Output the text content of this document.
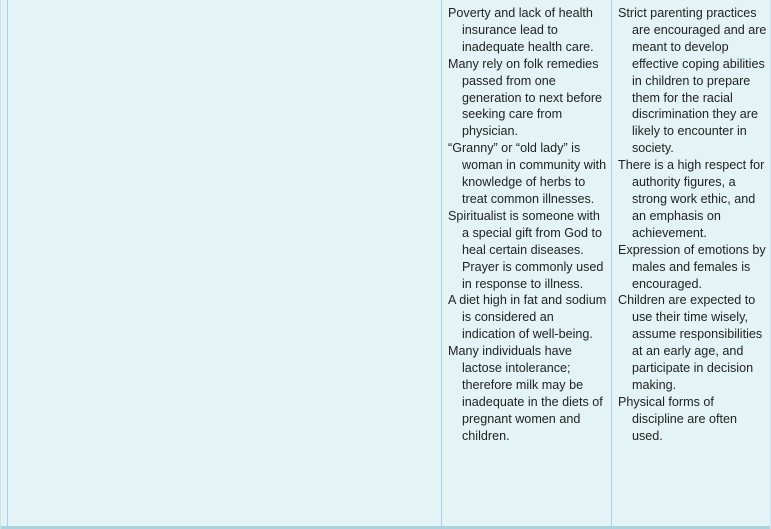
Poverty and lack of health insurance lead to inadequate health care.

Many rely on folk remedies passed from one generation to next before seeking care from physician.

“Granny” or “old lady” is woman in community with knowledge of herbs to treat common illnesses.

Spiritualist is someone with a special gift from God to heal certain diseases. Prayer is commonly used in response to illness.

A diet high in fat and sodium is considered an indication of well-being.

Many individuals have lactose intolerance; therefore milk may be inadequate in the diets of pregnant women and children.

Strict parenting practices are encouraged and are meant to develop effective coping abilities in children to prepare them for the racial discrimination they are likely to encounter in society.

There is a high respect for authority figures, a strong work ethic, and an emphasis on achievement.

Expression of emotions by males and females is encouraged.

Children are expected to use their time wisely, assume responsibilities at an early age, and participate in decision making.

Physical forms of discipline are often used.
